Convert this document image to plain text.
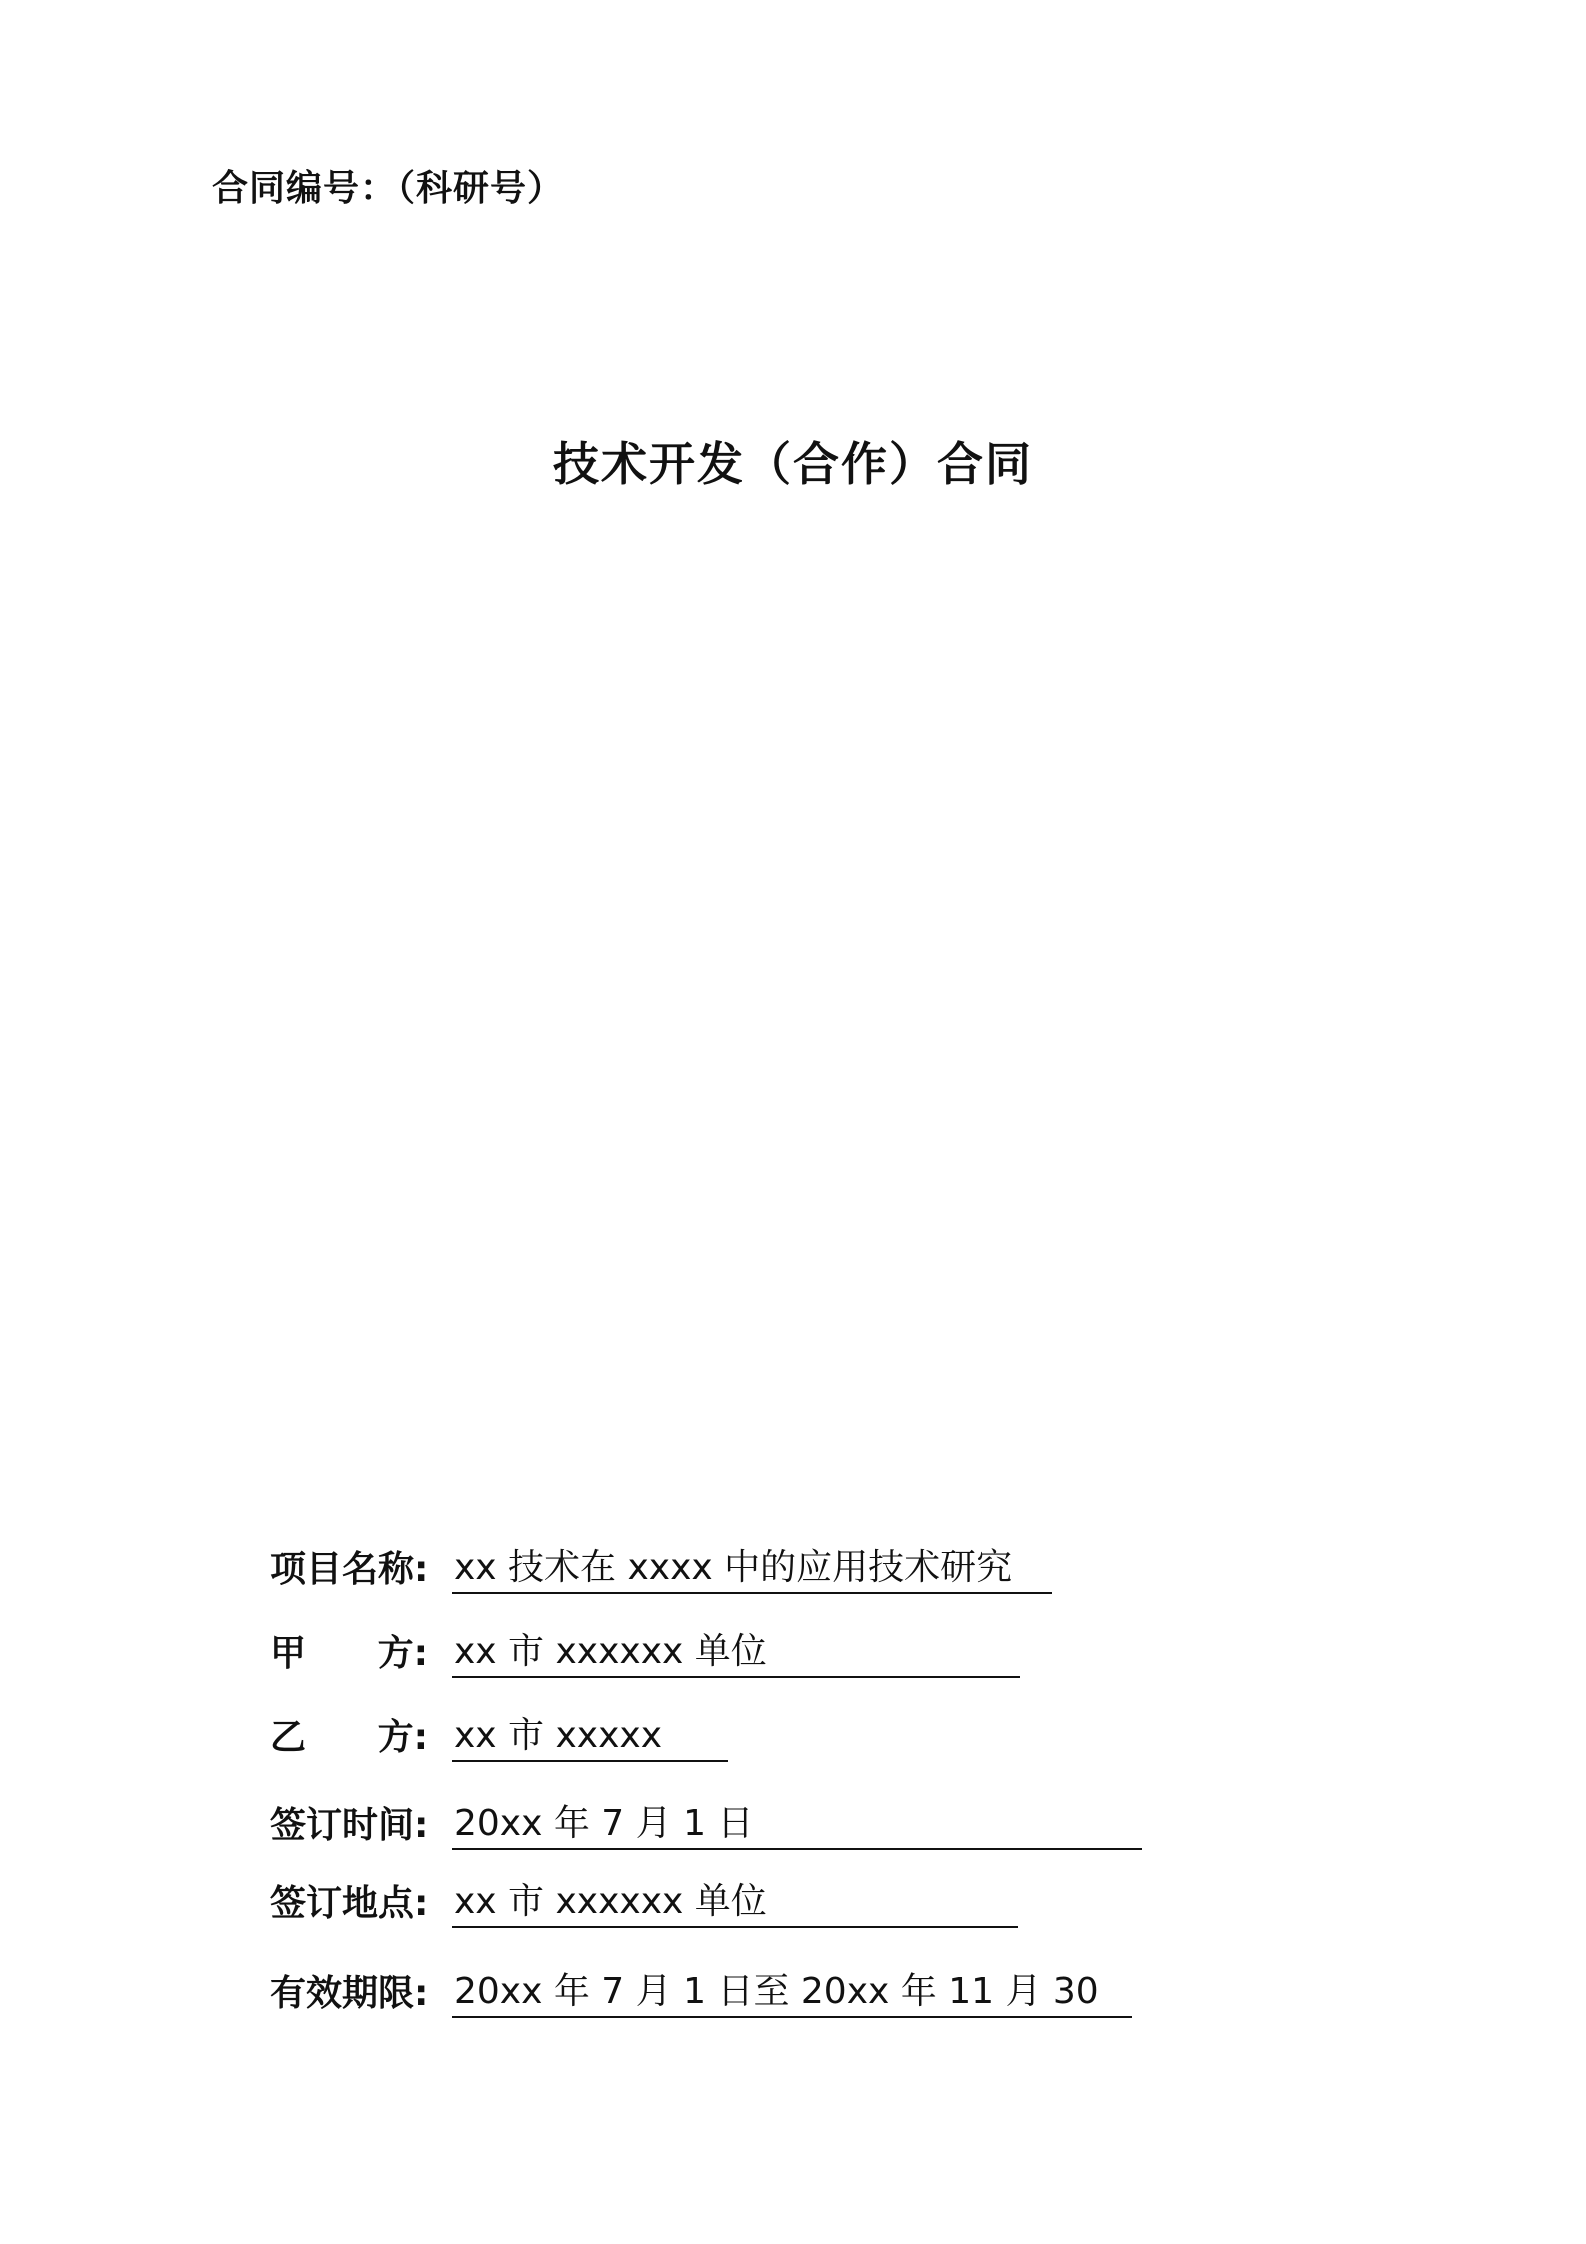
合同编号：（科研号）
技术开发（合作）合同
项目名称: xx 技术在 xxxx 中的应用技术研究
甲 方: xx 市 xxxxxx 单位
乙 方: xx 市 xxxxx
签订时间: 20xx 年 7 月 1 日
签订地点: xx 市 xxxxxx 单位
有效期限: 20xx 年 7 月 1 日至 20xx 年 11 月 30
